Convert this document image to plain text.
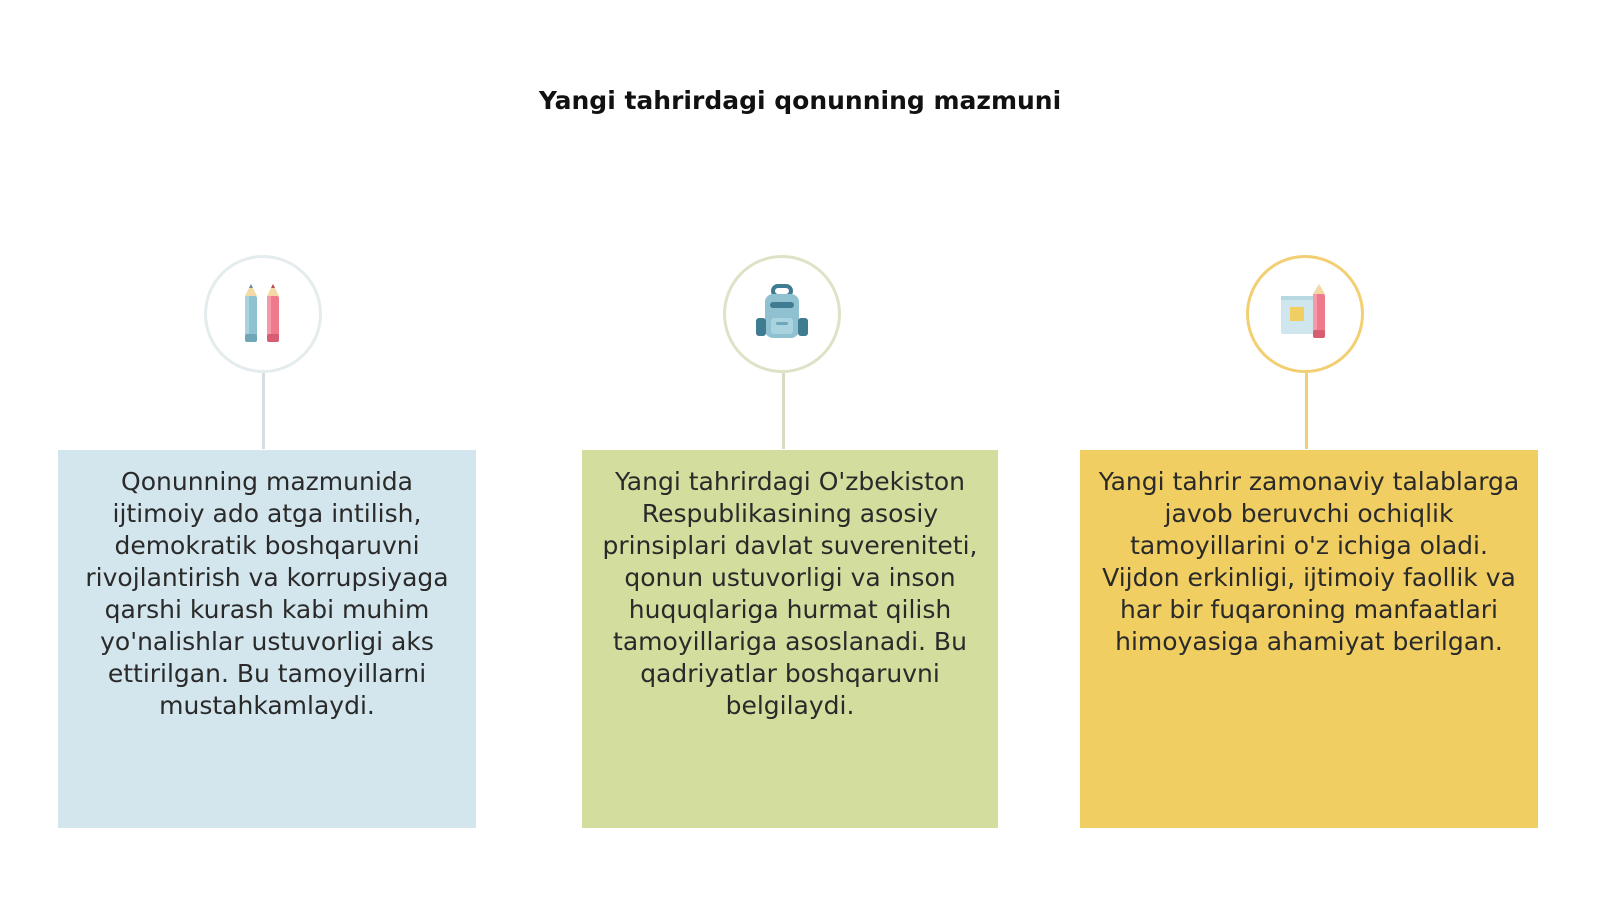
Yangi tahrirdagi qonunning mazmuni

Qonunning mazmunida ijtimoiy ado atga intilish, demokratik boshqaruvni rivojlantirish va korrupsiyaga qarshi kurash kabi muhim yo'nalishlar ustuvorligi aks ettirilgan. Bu tamoyillarni mustahkamlaydi.

Yangi tahrirdagi O'zbekiston Respublikasining asosiy prinsiplari davlat suvereniteti, qonun ustuvorligi va inson huquqlariga hurmat qilish tamoyillariga asoslanadi. Bu qadriyatlar boshqaruvni belgilaydi.

Yangi tahrir zamonaviy talablarga javob beruvchi ochiqlik tamoyillarini o'z ichiga oladi. Vijdon erkinligi, ijtimoiy faollik va har bir fuqaroning manfaatlari himoyasiga ahamiyat berilgan.
